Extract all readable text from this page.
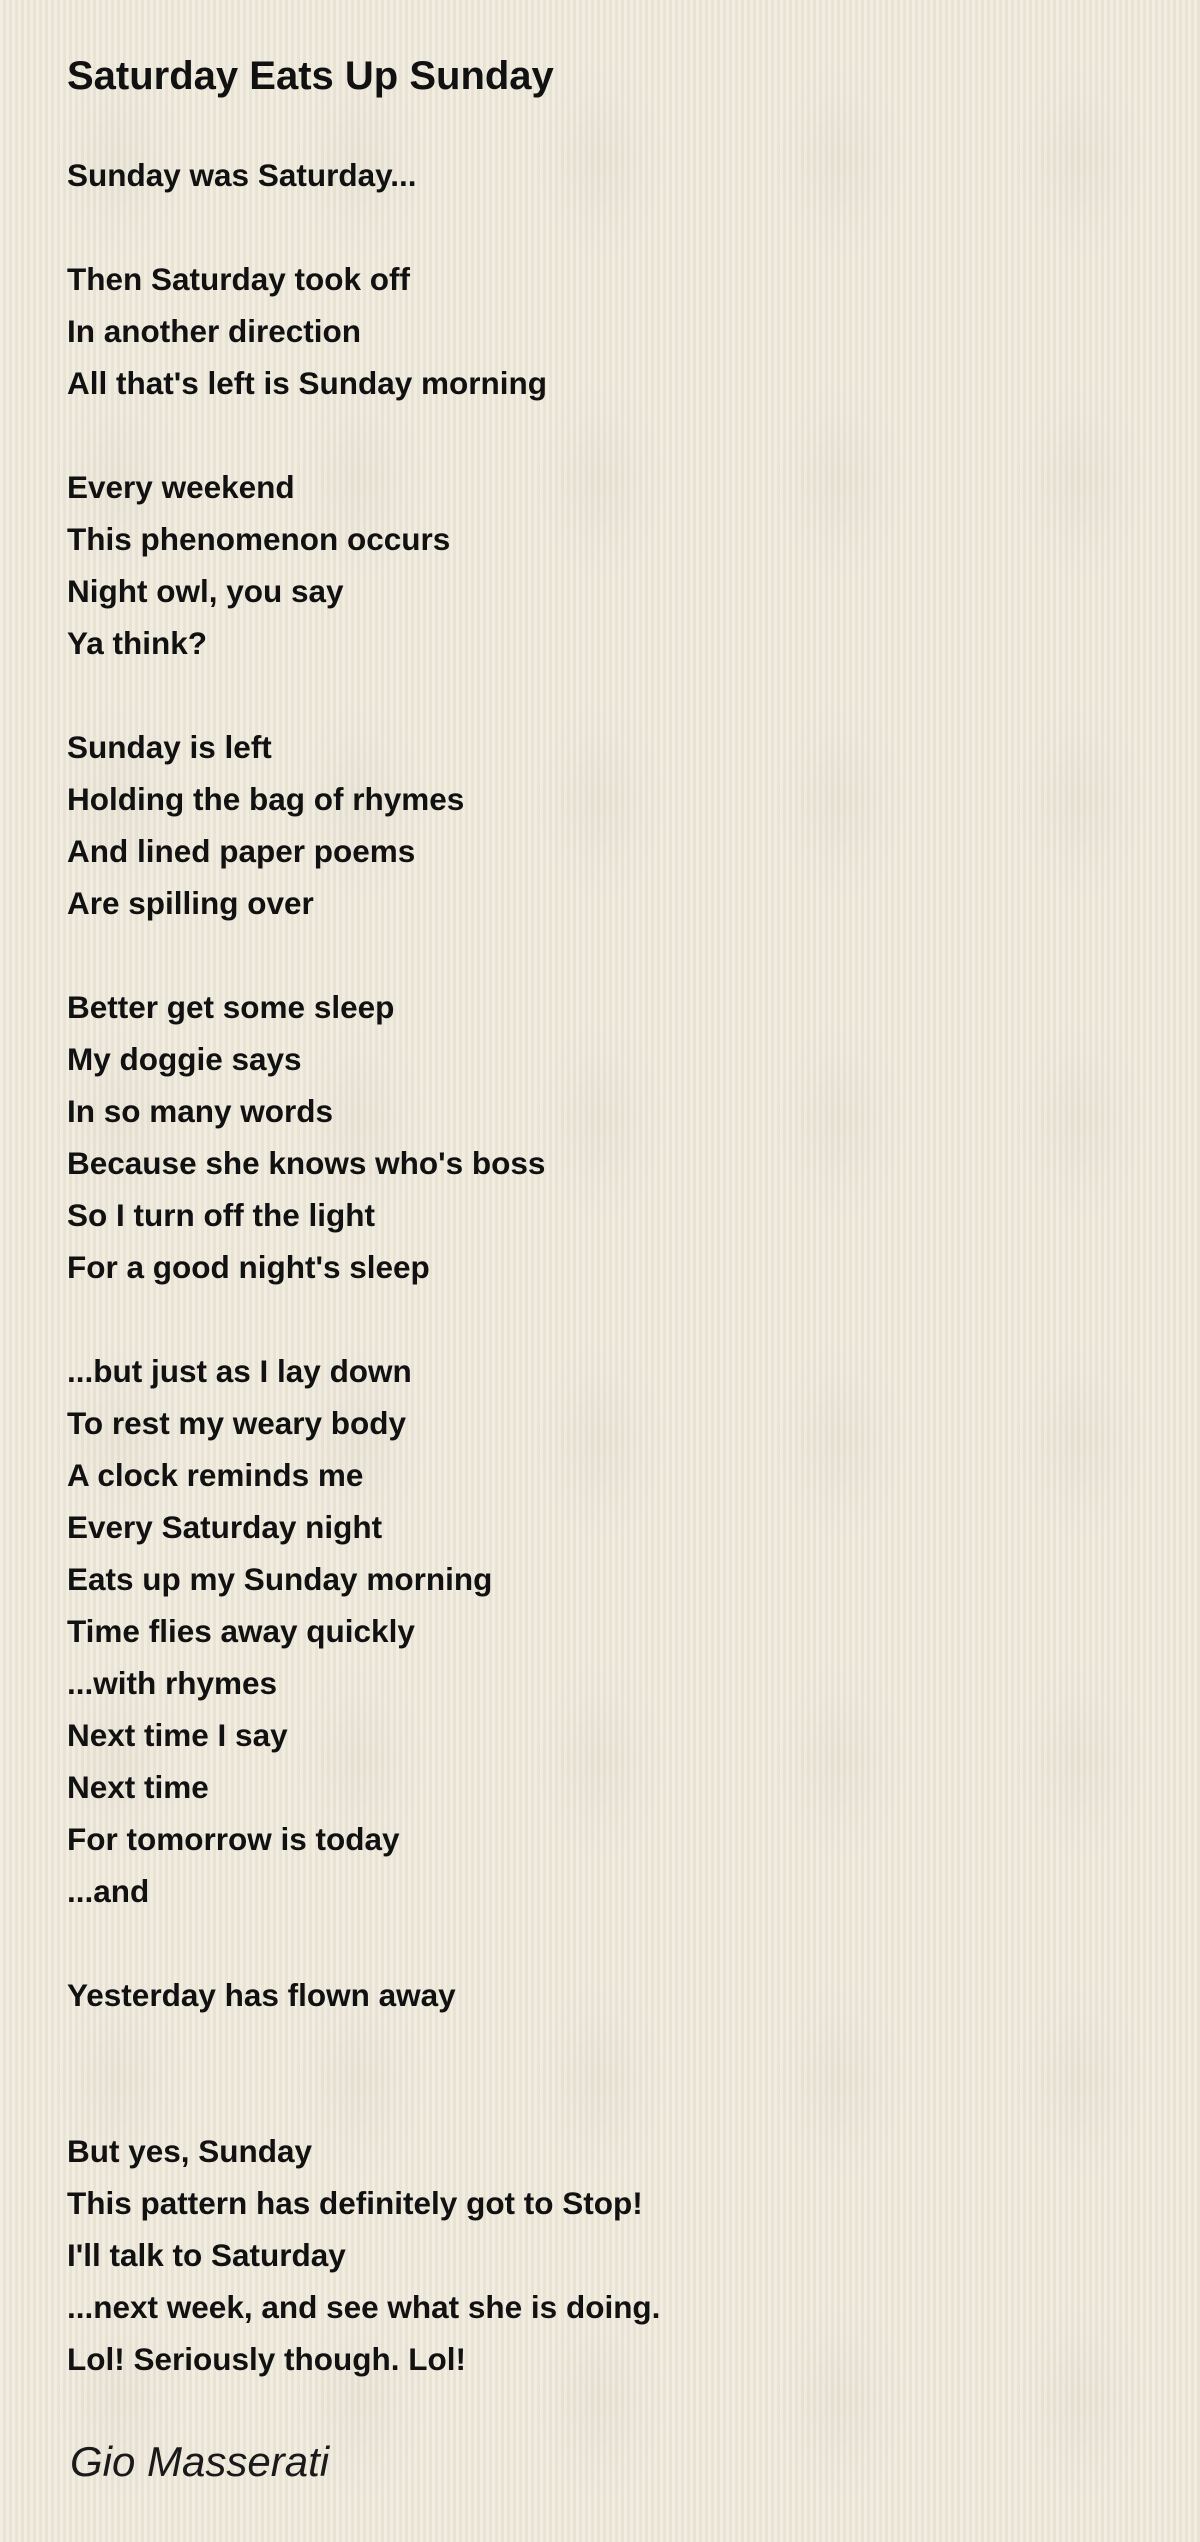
Saturday Eats Up Sunday
Sunday was Saturday...
Then Saturday took off
In another direction
All that's left is Sunday morning
Every weekend
This phenomenon occurs
Night owl, you say
Ya think?
Sunday is left
Holding the bag of rhymes
And lined paper poems
Are spilling over
Better get some sleep
My doggie says
In so many words
Because she knows who's boss
So I turn off the light
For a good night's sleep
...but just as I lay down
To rest my weary body
A clock reminds me
Every Saturday night
Eats up my Sunday morning
Time flies away quickly
...with rhymes
Next time I say
Next time
For tomorrow is today
...and
Yesterday has flown away
But yes, Sunday
This pattern has definitely got to Stop!
I'll talk to Saturday
...next week, and see what she is doing.
Lol! Seriously though. Lol!
Gio Masserati
